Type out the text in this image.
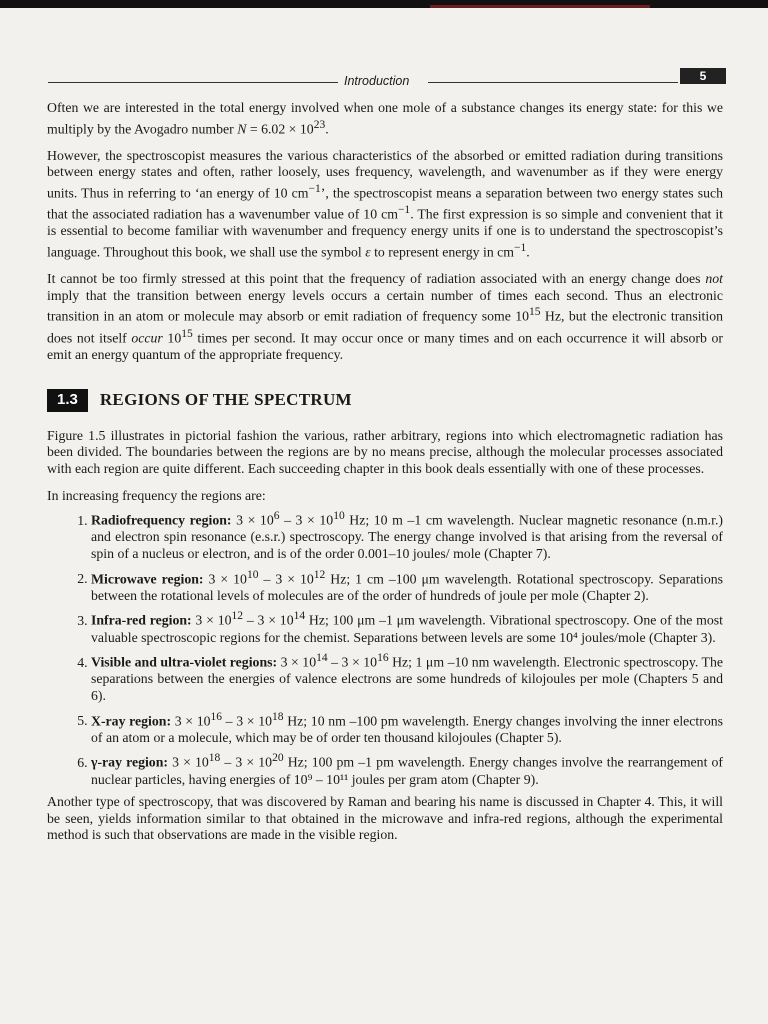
Introduction	5

Often we are interested in the total energy involved when one mole of a substance changes its energy state: for this we multiply by the Avogadro number $N = 6.02 \times 10^{23}$.

However, the spectroscopist measures the various characteristics of the absorbed or emitted radiation during transitions between energy states and often, rather loosely, uses frequency, wavelength, and wavenumber as if they were energy units. Thus in referring to ‘an energy of 10 $cm^{-1}$’, the spectroscopist means a separation between two energy states such that the associated radiation has a wavenumber value of 10 $cm^{-1}$. The first expression is so simple and convenient that it is essential to become familiar with wavenumber and frequency energy units if one is to understand the spectroscopist’s language. Throughout this book, we shall use the symbol ε to represent energy in $cm^{-1}$.

It cannot be too firmly stressed at this point that the frequency of radiation associated with an energy change does not imply that the transition between energy levels occurs a certain number of times each second. Thus an electronic transition in an atom or molecule may absorb or emit radiation of frequency some $10^{15}$ Hz, but the electronic transition does not itself occur $10^{15}$ times per second. It may occur once or many times and on each occurrence it will absorb or emit an energy quantum of the appropriate frequency.

1.3	REGIONS OF THE SPECTRUM

Figure 1.5 illustrates in pictorial fashion the various, rather arbitrary, regions into which electromagnetic radiation has been divided. The boundaries between the regions are by no means precise, although the molecular processes associated with each region are quite different. Each succeeding chapter in this book deals essentially with one of these processes.

In increasing frequency the regions are:

1. Radiofrequency region: $3 \times 10^6 - 3 \times 10^{10}$ Hz; 10 m –1 cm wavelength. Nuclear magnetic resonance (n.m.r.) and electron spin resonance (e.s.r.) spectroscopy. The energy change involved is that arising from the reversal of spin of a nucleus or electron, and is of the order 0.001–10 joules/ mole (Chapter 7).
2. Microwave region: $3 \times 10^{10} - 3 \times 10^{12}$ Hz; 1 cm –100 μm wavelength. Rotational spectroscopy. Separations between the rotational levels of molecules are of the order of hundreds of joule per mole (Chapter 2).
3. Infra-red region: $3 \times 10^{12} - 3 \times 10^{14}$ Hz; 100 μm –1 μm wavelength. Vibrational spectroscopy. One of the most valuable spectroscopic regions for the chemist. Separations between levels are some 10⁴ joules/mole (Chapter 3).
4. Visible and ultra-violet regions: $3 \times 10^{14} - 3 \times 10^{16}$ Hz; 1 μm –10 nm wavelength. Electronic spectroscopy. The separations between the energies of valence electrons are some hundreds of kilojoules per mole (Chapters 5 and 6).
5. X-ray region: $3 \times 10^{16} - 3 \times 10^{18}$ Hz; 10 nm –100 pm wavelength. Energy changes involving the inner electrons of an atom or a molecule, which may be of order ten thousand kilojoules (Chapter 5).
6. γ-ray region: $3 \times 10^{18} - 3 \times 10^{20}$ Hz; 100 pm –1 pm wavelength. Energy changes involve the rearrangement of nuclear particles, having energies of 10⁹ – 10¹¹ joules per gram atom (Chapter 9).

Another type of spectroscopy, that was discovered by Raman and bearing his name is discussed in Chapter 4. This, it will be seen, yields information similar to that obtained in the microwave and infra-red regions, although the experimental method is such that observations are made in the visible region.
